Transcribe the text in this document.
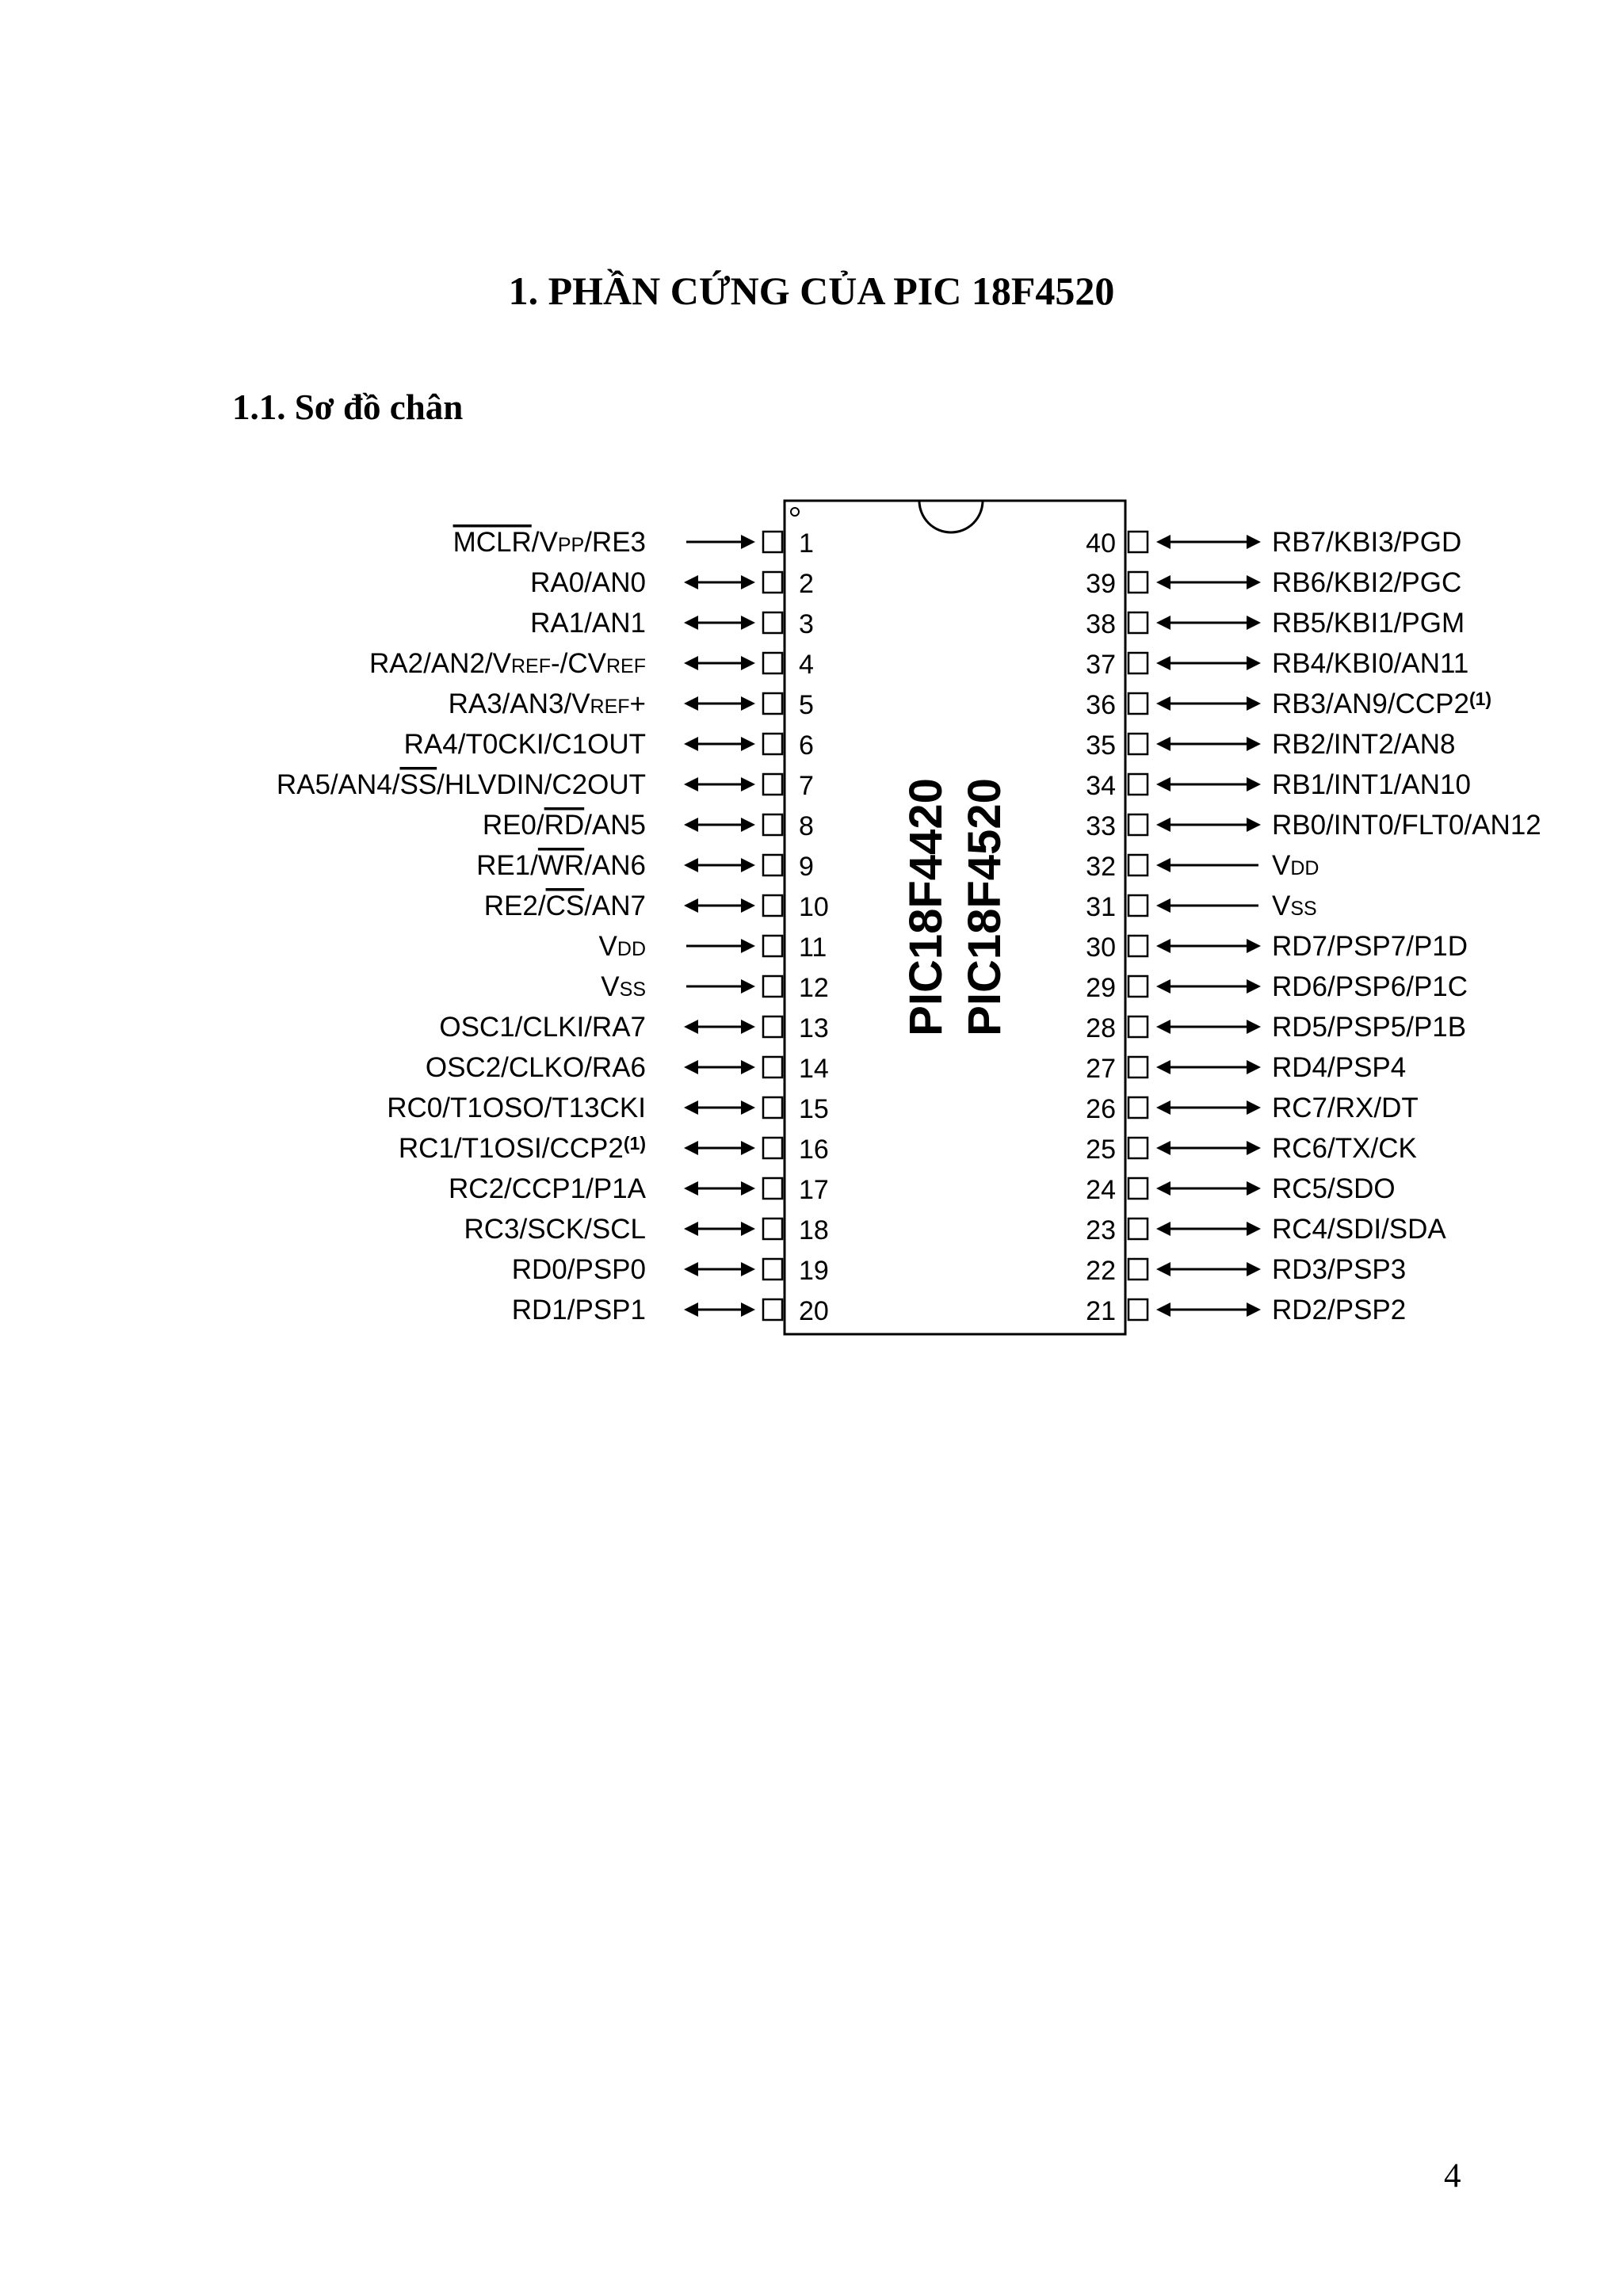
1. PHẦN CỨNG CỦA PIC 18F4520
1.1. Sơ đồ chân
PIC18F4420 PIC18F4520
1
MCLR/VPP/RE3
2
RA0/AN0
3
RA1/AN1
4
RA2/AN2/VREF-/CVREF
5
RA3/AN3/VREF+
6
RA4/T0CKI/C1OUT
7
RA5/AN4/SS/HLVDIN/C2OUT
8
RE0/RD/AN5
9
RE1/WR/AN6
10
RE2/CS/AN7
11
VDD
12
VSS
13
OSC1/CLKI/RA7
14
OSC2/CLKO/RA6
15
RC0/T1OSO/T13CKI
16
RC1/T1OSI/CCP2(1)
17
RC2/CCP1/P1A
18
RC3/SCK/SCL
19
RD0/PSP0
20
RD1/PSP1
40	RB7/KBI3/PGD
39	RB6/KBI2/PGC
38	RB5/KBI1/PGM
37	RB4/KBI0/AN11
36	RB3/AN9/CCP2(1)
35	RB2/INT2/AN8
34	RB1/INT1/AN10
33	RB0/INT0/FLT0/AN12
32	VDD
31	VSS
30	RD7/PSP7/P1D
29	RD6/PSP6/P1C
28	RD5/PSP5/P1B
27	RD4/PSP4
26	RC7/RX/DT
25	RC6/TX/CK
24	RC5/SDO
23	RC4/SDI/SDA
22	RD3/PSP3
21	RD2/PSP2
4
